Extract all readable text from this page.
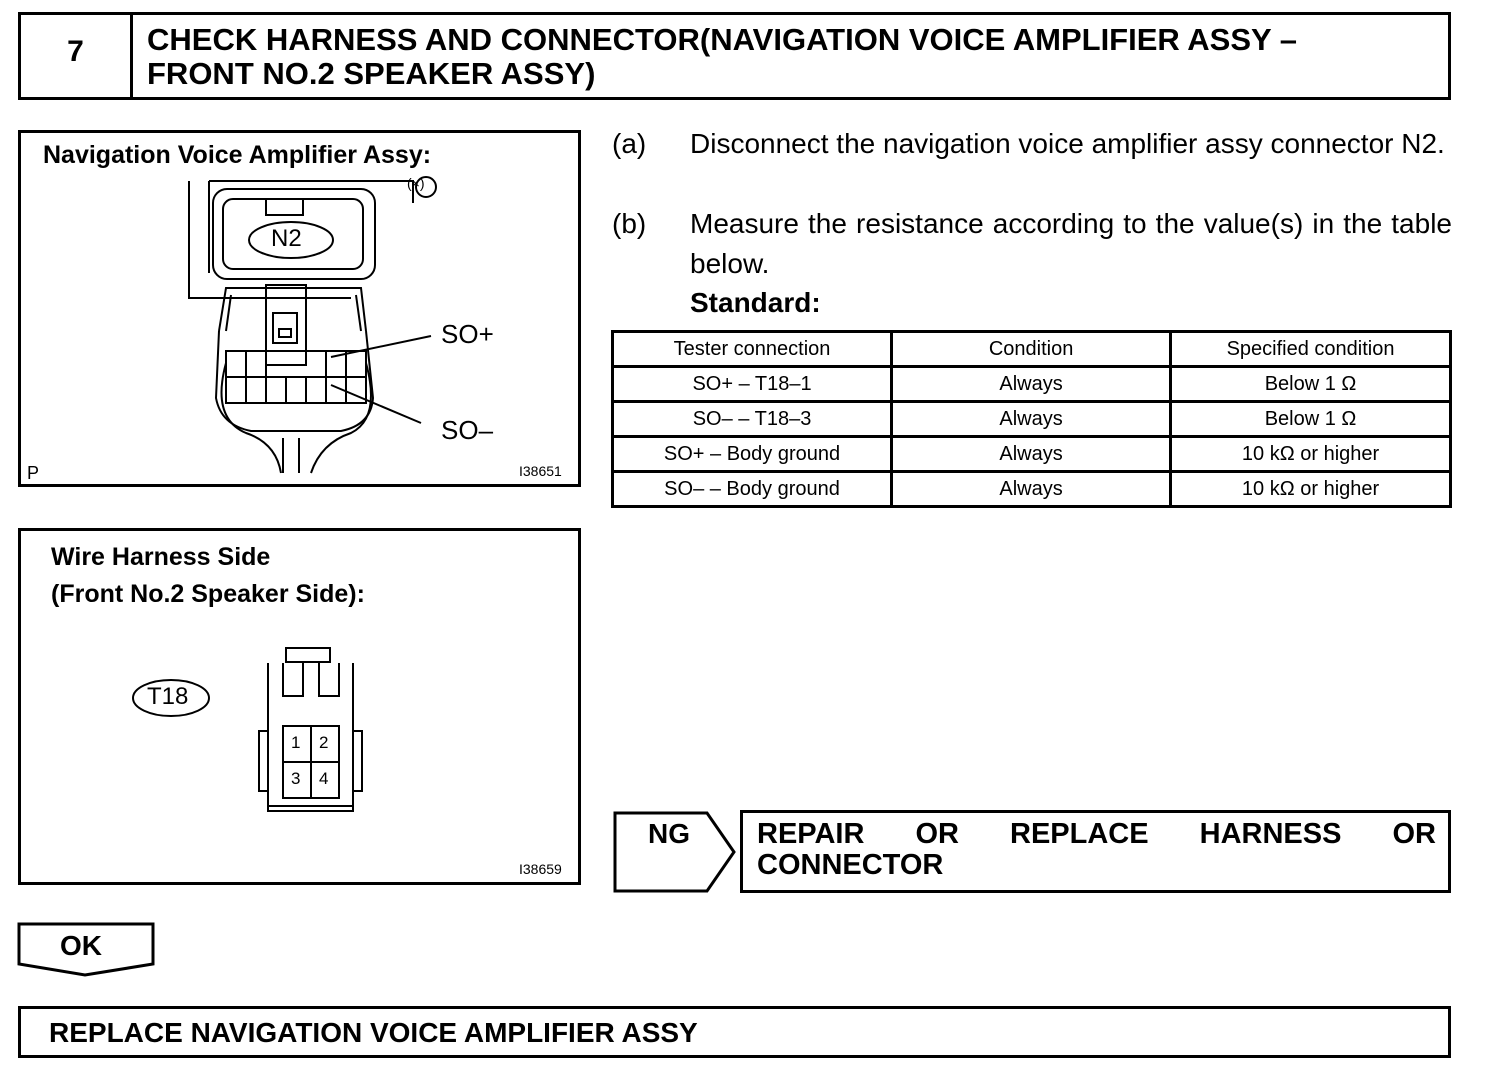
7	CHECK HARNESS AND CONNECTOR(NAVIGATION VOICE AMPLIFIER ASSY –
FRONT NO.2 SPEAKER ASSY)
Navigation Voice Amplifier Assy:
N2
(×)
SO+
SO–
P	I38651
Wire Harness Side
(Front No.2 Speaker Side):
T18
1 2
3 4
I38659
(a) Disconnect the navigation voice amplifier assy connector N2.
(b) Measure the resistance according to the value(s) in the table below.
Standard:
Tester connection	Condition	Specified condition
SO+ – T18–1	Always	Below 1 Ω
SO– – T18–3	Always	Below 1 Ω
SO+ – Body ground	Always	10 kΩ or higher
SO– – Body ground	Always	10 kΩ or higher
NG REPAIR OR REPLACE HARNESS OR CONNECTOR
OK
REPLACE NAVIGATION VOICE AMPLIFIER ASSY
